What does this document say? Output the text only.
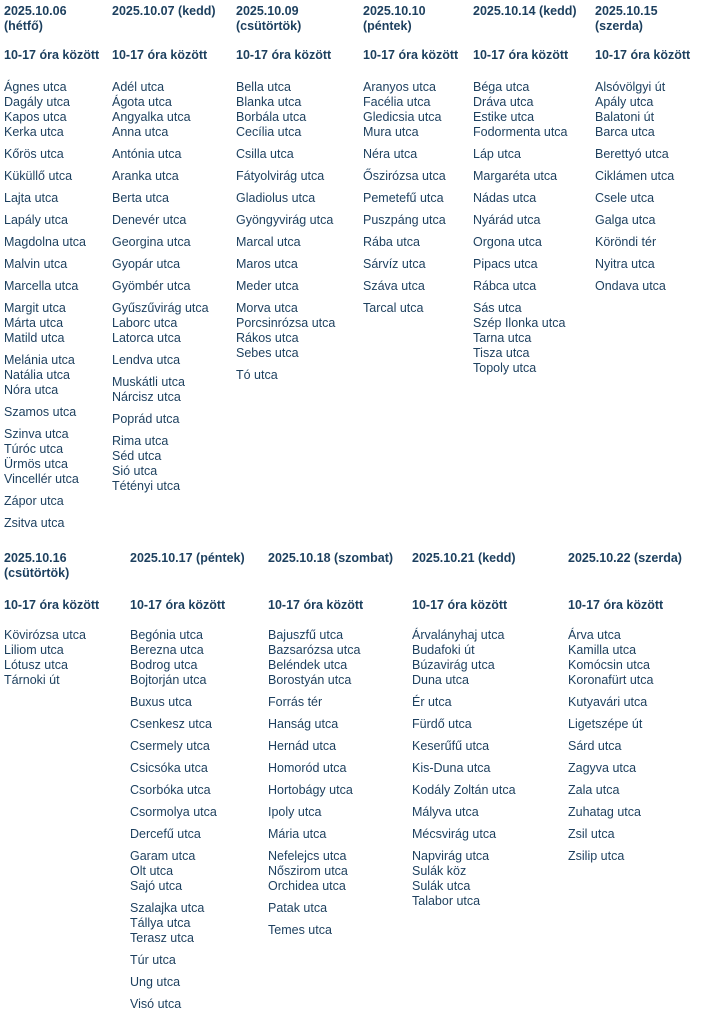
2025.10.06 (hétfő)
10-17 óra között
Ágnes utca
Dagály utca
Kapos utca
Kerka utca
Kőrös utca
Küküllő utca
Lajta utca
Lapály utca
Magdolna utca
Malvin utca
Marcella utca
Margit utca
Márta utca
Matild utca
Melánia utca
Natália utca
Nóra utca
Szamos utca
Szinva utca
Túróc utca
Ürmös utca
Vincellér utca
Zápor utca
Zsitva utca
2025.10.07 (kedd)
10-17 óra között
Adél utca
Ágota utca
Angyalka utca
Anna utca
Antónia utca
Aranka utca
Berta utca
Denevér utca
Georgina utca
Gyopár utca
Gyömbér utca
Gyűszűvirág utca
Laborc utca
Latorca utca
Lendva utca
Muskátli utca
Nárcisz utca
Poprád utca
Rima utca
Séd utca
Sió utca
Tétényi utca
2025.10.09 (csütörtök)
10-17 óra között
Bella utca
Blanka utca
Borbála utca
Cecília utca
Csilla utca
Fátyolvirág utca
Gladiolus utca
Gyöngyvirág utca
Marcal utca
Maros utca
Meder utca
Morva utca
Porcsinrózsa utca
Rákos utca
Sebes utca
Tó utca
2025.10.10 (péntek)
10-17 óra között
Aranyos utca
Facélia utca
Gledicsia utca
Mura utca
Néra utca
Őszirózsa utca
Pemetefű utca
Puszpáng utca
Rába utca
Sárvíz utca
Száva utca
Tarcal utca
2025.10.14 (kedd)
10-17 óra között
Béga utca
Dráva utca
Estike utca
Fodormenta utca
Láp utca
Margaréta utca
Nádas utca
Nyárád utca
Orgona utca
Pipacs utca
Rábca utca
Sás utca
Szép Ilonka utca
Tarna utca
Tisza utca
Topoly utca
2025.10.15 (szerda)
10-17 óra között
Alsóvölgyi út
Apály utca
Balatoni út
Barca utca
Berettyó utca
Ciklámen utca
Csele utca
Galga utca
Köröndi tér
Nyitra utca
Ondava utca
2025.10.16 (csütörtök)
10-17 óra között
Kövirózsa utca
Liliom utca
Lótusz utca
Tárnoki út
2025.10.17 (péntek)
10-17 óra között
Begónia utca
Berezna utca
Bodrog utca
Bojtorján utca
Buxus utca
Csenkesz utca
Csermely utca
Csicsóka utca
Csorbóka utca
Csormolya utca
Dercefű utca
Garam utca
Olt utca
Sajó utca
Szalajka utca
Tállya utca
Terasz utca
Túr utca
Ung utca
Visó utca
2025.10.18 (szombat)
10-17 óra között
Bajuszfű utca
Bazsarózsa utca
Beléndek utca
Borostyán utca
Forrás tér
Hanság utca
Hernád utca
Homoród utca
Hortobágy utca
Ipoly utca
Mária utca
Nefelejcs utca
Nőszirom utca
Orchidea utca
Patak utca
Temes utca
2025.10.21 (kedd)
10-17 óra között
Árvalányhaj utca
Budafoki út
Búzavirág utca
Duna utca
Ér utca
Fürdő utca
Keserűfű utca
Kis-Duna utca
Kodály Zoltán utca
Mályva utca
Mécsvirág utca
Napvirág utca
Sulák köz
Sulák utca
Talabor utca
2025.10.22 (szerda)
10-17 óra között
Árva utca
Kamilla utca
Komócsin utca
Koronafürt utca
Kutyavári utca
Ligetszépe út
Sárd utca
Zagyva utca
Zala utca
Zuhatag utca
Zsil utca
Zsilip utca
